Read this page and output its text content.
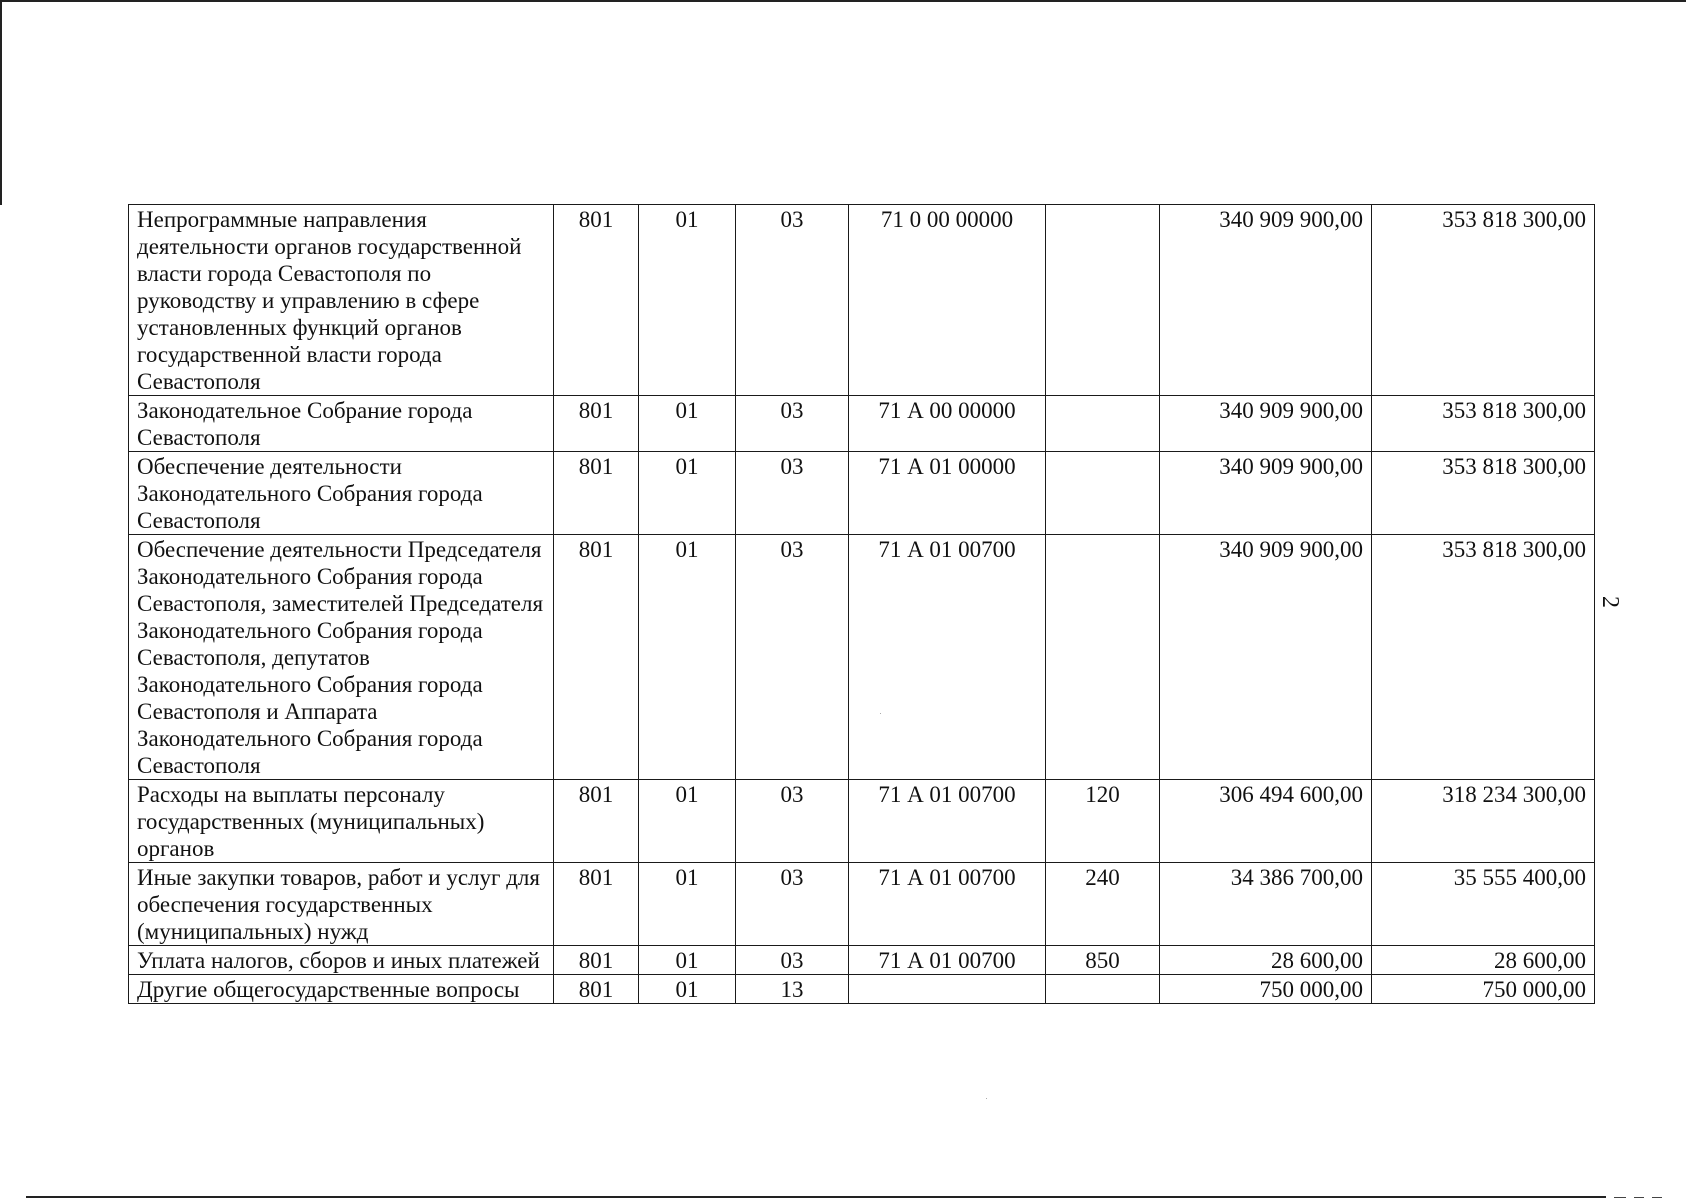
2
Непрограммные направления деятельности органов государственной власти города Севастополя по руководству и управлению в сфере установленных функций органов государственной власти города Севастополя	801	01	03	71 0 00 00000		340 909 900,00	353 818 300,00
Законодательное Собрание города Севастополя	801	01	03	71 А 00 00000		340 909 900,00	353 818 300,00
Обеспечение деятельности Законодательного Собрания города Севастополя	801	01	03	71 А 01 00000		340 909 900,00	353 818 300,00
Обеспечение деятельности Председателя Законодательного Собрания города Севастополя, заместителей Председателя Законодательного Собрания города Севастополя, депутатов Законодательного Собрания города Севастополя и Аппарата Законодательного Собрания города Севастополя	801	01	03	71 А 01 00700		340 909 900,00	353 818 300,00
Расходы на выплаты персоналу государственных (муниципальных) органов	801	01	03	71 А 01 00700	120	306 494 600,00	318 234 300,00
Иные закупки товаров, работ и услуг для обеспечения государственных (муниципальных) нужд	801	01	03	71 А 01 00700	240	34 386 700,00	35 555 400,00
Уплата налогов, сборов и иных платежей	801	01	03	71 А 01 00700	850	28 600,00	28 600,00
Другие общегосударственные вопросы	801	01	13			750 000,00	750 000,00
